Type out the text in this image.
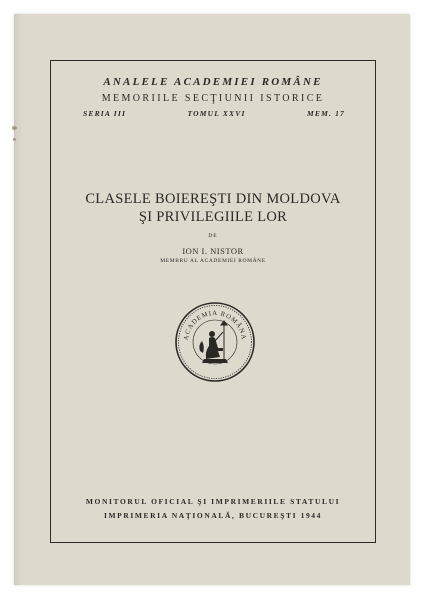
ANALELE ACADEMIEI ROMÂNE
MEMORIILE SECŢIUNII ISTORICE
SERIA III	TOMUL XXVI	MEM. 17
CLASELE BOIEREŞTI DIN MOLDOVA
ŞI PRIVILEGIILE LOR
DE
ION I. NISTOR
MEMBRU AL ACADEMIEI ROMÂNE
ACADEMIA ROMÂNA
MONITORUL OFICIAL ŞI IMPRIMERIILE STATULUI
IMPRIMERIA NAŢIONALĂ, BUCUREŞTI 1944
